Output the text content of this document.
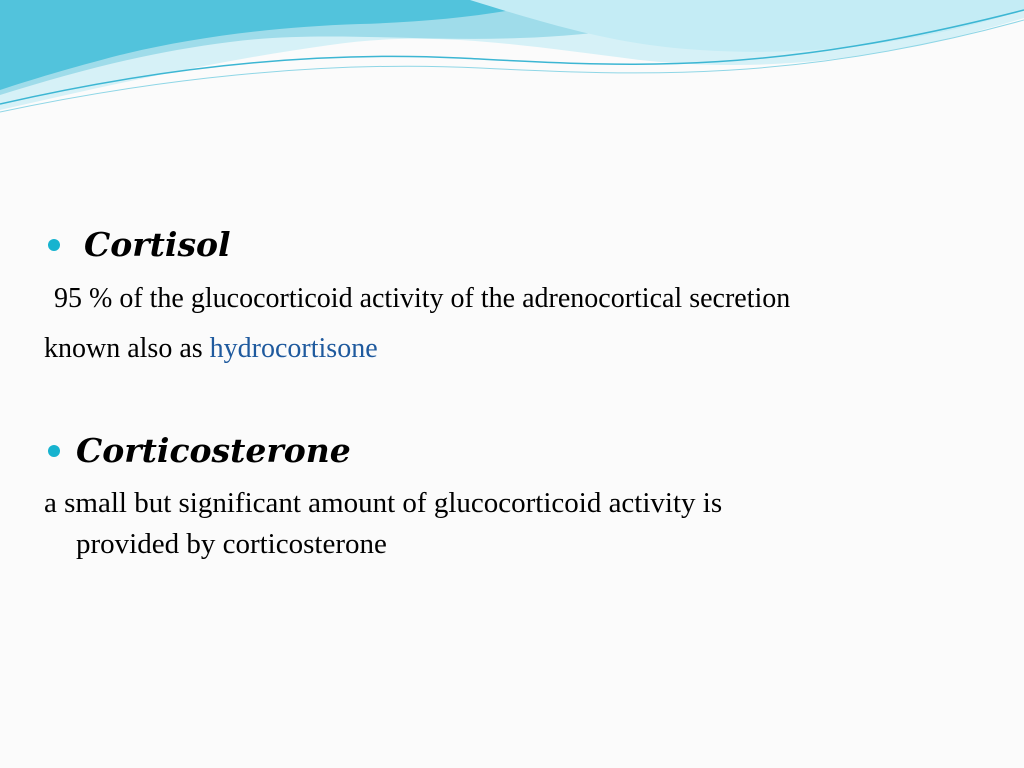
Cortisol
95 % of the glucocorticoid activity of the adrenocortical secretion
known also as hydrocortisone
Corticosterone
a small but significant amount of glucocorticoid activity is
provided by corticosterone
